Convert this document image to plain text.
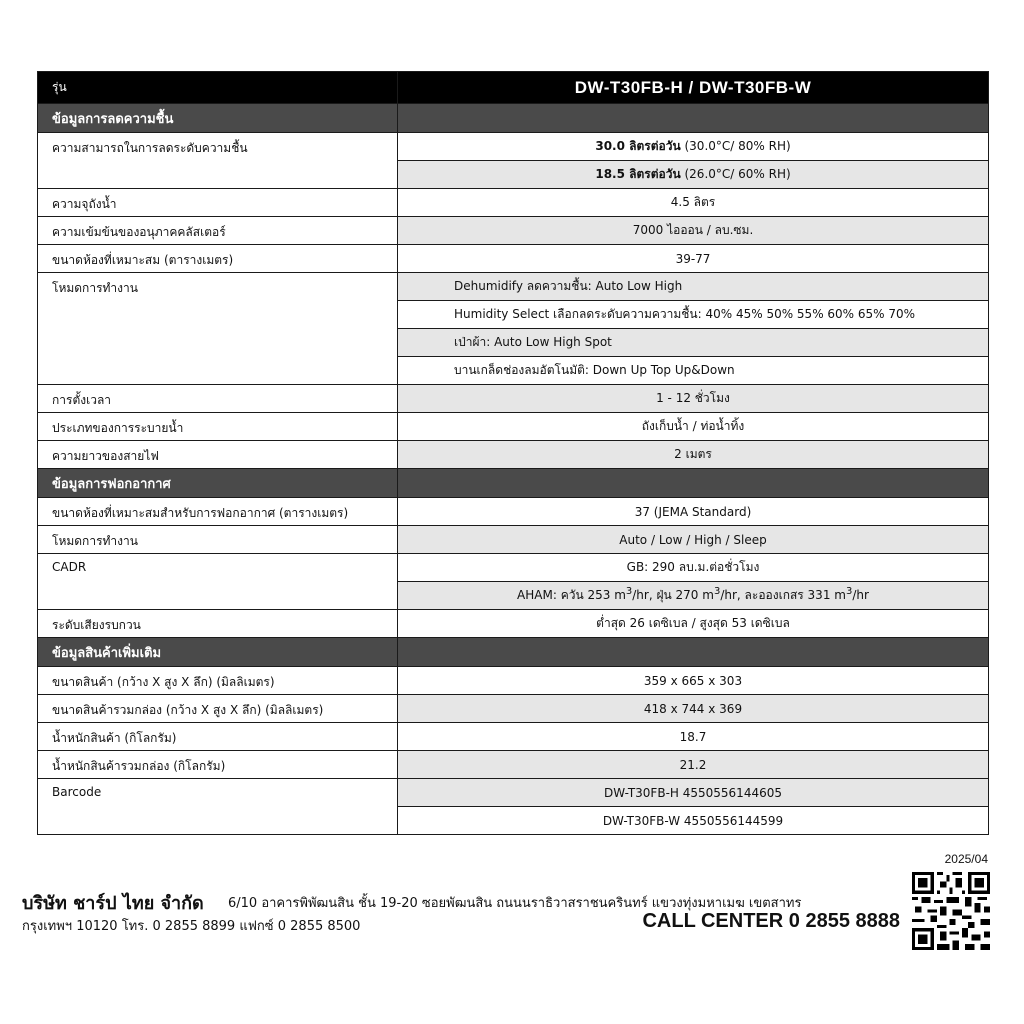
รุ่น	DW-T30FB-H / DW-T30FB-W
ข้อมูลการลดความชื้น	
ความสามารถในการลดระดับความชื้น	30.0 ลิตรต่อวัน (30.0°C/ 80% RH)
	18.5 ลิตรต่อวัน (26.0°C/ 60% RH)
ความจุถังน้ำ	4.5 ลิตร
ความเข้มข้นของอนุภาคคลัสเตอร์	7000 ไอออน / ลบ.ซม.
ขนาดห้องที่เหมาะสม (ตารางเมตร)	39-77
โหมดการทำงาน	Dehumidify ลดความชื้น: Auto Low High
	Humidity Select เลือกลดระดับความความชื้น: 40% 45% 50% 55% 60% 65% 70%
	เป่าผ้า: Auto Low High Spot
	บานเกล็ดช่องลมอัตโนมัติ: Down Up Top Up&Down
การตั้งเวลา	1 - 12 ชั่วโมง
ประเภทของการระบายน้ำ	ถังเก็บน้ำ / ท่อน้ำทิ้ง
ความยาวของสายไฟ	2 เมตร
ข้อมูลการฟอกอากาศ	
ขนาดห้องที่เหมาะสมสำหรับการฟอกอากาศ (ตารางเมตร)	37 (JEMA Standard)
โหมดการทำงาน	Auto / Low / High / Sleep
CADR	GB: 290 ลบ.ม.ต่อชั่วโมง
	AHAM: ควัน 253 $m^3/hr$, ฝุ่น 270 $m^3/hr$, ละอองเกสร 331 $m^3/hr$
ระดับเสียงรบกวน	ต่ำสุด 26 เดซิเบล / สูงสุด 53 เดซิเบล
ข้อมูลสินค้าเพิ่มเติม	
ขนาดสินค้า (กว้าง X สูง X ลึก) (มิลลิเมตร)	359 x 665 x 303
ขนาดสินค้ารวมกล่อง (กว้าง X สูง X ลึก) (มิลลิเมตร)	418 x 744 x 369
น้ำหนักสินค้า (กิโลกรัม)	18.7
น้ำหนักสินค้ารวมกล่อง (กิโลกรัม)	21.2
Barcode	DW-T30FB-H 4550556144605
	DW-T30FB-W 4550556144599
2025/04
บริษัท ชาร์ป ไทย จำกัด 6/10 อาคารพิพัฒนสิน ชั้น 19-20 ซอยพัฒนสิน ถนนนราธิวาสราชนครินทร์ แขวงทุ่งมหาเมฆ เขตสาทร
กรุงเทพฯ 10120 โทร. 0 2855 8899 แฟกซ์ 0 2855 8500	CALL CENTER 0 2855 8888
